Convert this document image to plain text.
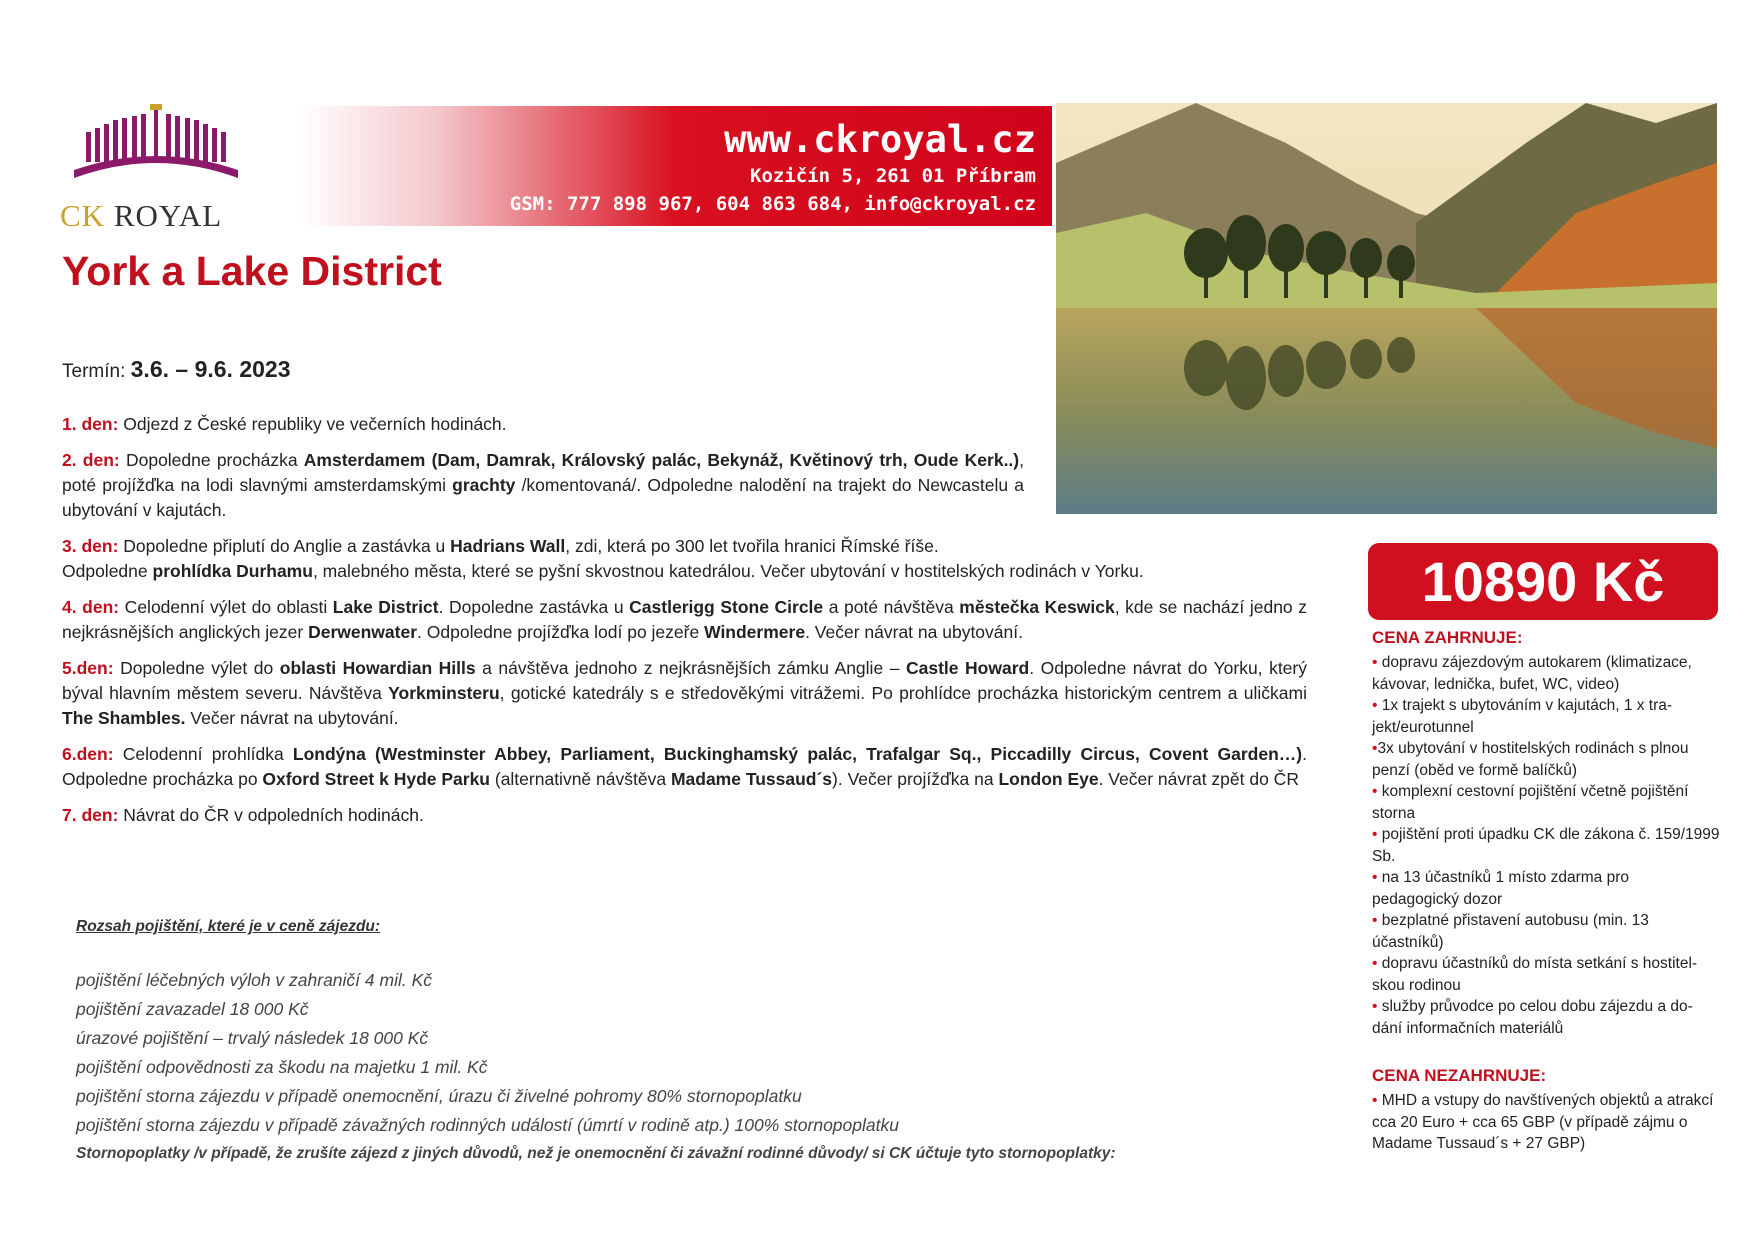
CK ROYAL
www.ckroyal.cz
Kozičín 5, 261 01 Příbram
GSM: 777 898 967, 604 863 684, info@ckroyal.cz
York a Lake District
Termín: 3.6. – 9.6. 2023
1. den: Odjezd z České republiky ve večerních hodinách.
2. den: Dopoledne procházka Amsterdamem (Dam, Damrak, Královský palác, Bekynáž, Květinový trh, Oude Kerk..), poté projížďka na lodi slavnými amsterdamskými grachty /komentovaná/. Odpoledne nalodění na trajekt do Newcastelu a ubytování v kajutách.
3. den: Dopoledne připlutí do Anglie a zastávka u Hadrians Wall, zdi, která po 300 let tvořila hranici Římské říše.
Odpoledne prohlídka Durhamu, malebného města, které se pyšní skvostnou katedrálou. Večer ubytování v hostitelských rodinách v Yorku.
4. den: Celodenní výlet do oblasti Lake District. Dopoledne zastávka u Castlerigg Stone Circle a poté návštěva městečka Keswick, kde se nachází jedno z nejkrásnějších anglických jezer Derwenwater. Odpoledne projížďka lodí po jezeře Windermere. Večer návrat na ubytování.
5.den: Dopoledne výlet do oblasti Howardian Hills a návštěva jednoho z nejkrásnějších zámku Anglie – Castle Howard. Odpoledne návrat do Yorku, který býval hlavním městem severu. Návštěva Yorkminsteru, gotické katedrály s e středověkými vitrážemi. Po prohlídce procházka historickým centrem a uličkami The Shambles. Večer návrat na ubytování.
6.den: Celodenní prohlídka Londýna (Westminster Abbey, Parliament, Buckinghamský palác, Trafalgar Sq., Piccadilly Circus, Covent Garden…). Odpoledne procházka po Oxford Street k Hyde Parku (alternativně návštěva Madame Tussaud´s). Večer projížďka na London Eye. Večer návrat zpět do ČR
7. den: Návrat do ČR v odpoledních hodinách.
Rozsah pojištění, které je v ceně zájezdu:
pojištění léčebných výloh v zahraničí 4 mil. Kč
pojištění zavazadel 18 000 Kč
úrazové pojištění – trvalý následek 18 000 Kč
pojištění odpovědnosti za škodu na majetku 1 mil. Kč
pojištění storna zájezdu v případě onemocnění, úrazu či živelné pohromy 80% stornopoplatku
pojištění storna zájezdu v případě závažných rodinných událostí (úmrtí v rodině atp.) 100% stornopoplatku
Stornopoplatky /v případě, že zrušíte zájezd z jiných důvodů, než je onemocnění či závažní rodinné důvody/ si CK účtuje tyto stornopoplatky:
10890 Kč
CENA ZAHRNUJE:
• dopravu zájezdovým autokarem (klimatizace, kávovar, lednička, bufet, WC, video)
• 1x trajekt s ubytováním v kajutách, 1 x tra-jekt/eurotunnel
•3x ubytování v hostitelských rodinách s plnou penzí (oběd ve formě balíčků)
• komplexní cestovní pojištění včetně pojištění storna
• pojištění proti úpadku CK dle zákona č. 159/1999 Sb.
• na 13 účastníků 1 místo zdarma pro pedagogický dozor
• bezplatné přistavení autobusu (min. 13 účastníků)
• dopravu účastníků do místa setkání s hostitel-skou rodinou
• služby průvodce po celou dobu zájezdu a do-dání informačních materiálů
CENA NEZAHRNUJE:
• MHD a vstupy do navštívených objektů a atrakcí cca 20 Euro + cca 65 GBP (v případě zájmu o Madame Tussaud´s + 27 GBP)
